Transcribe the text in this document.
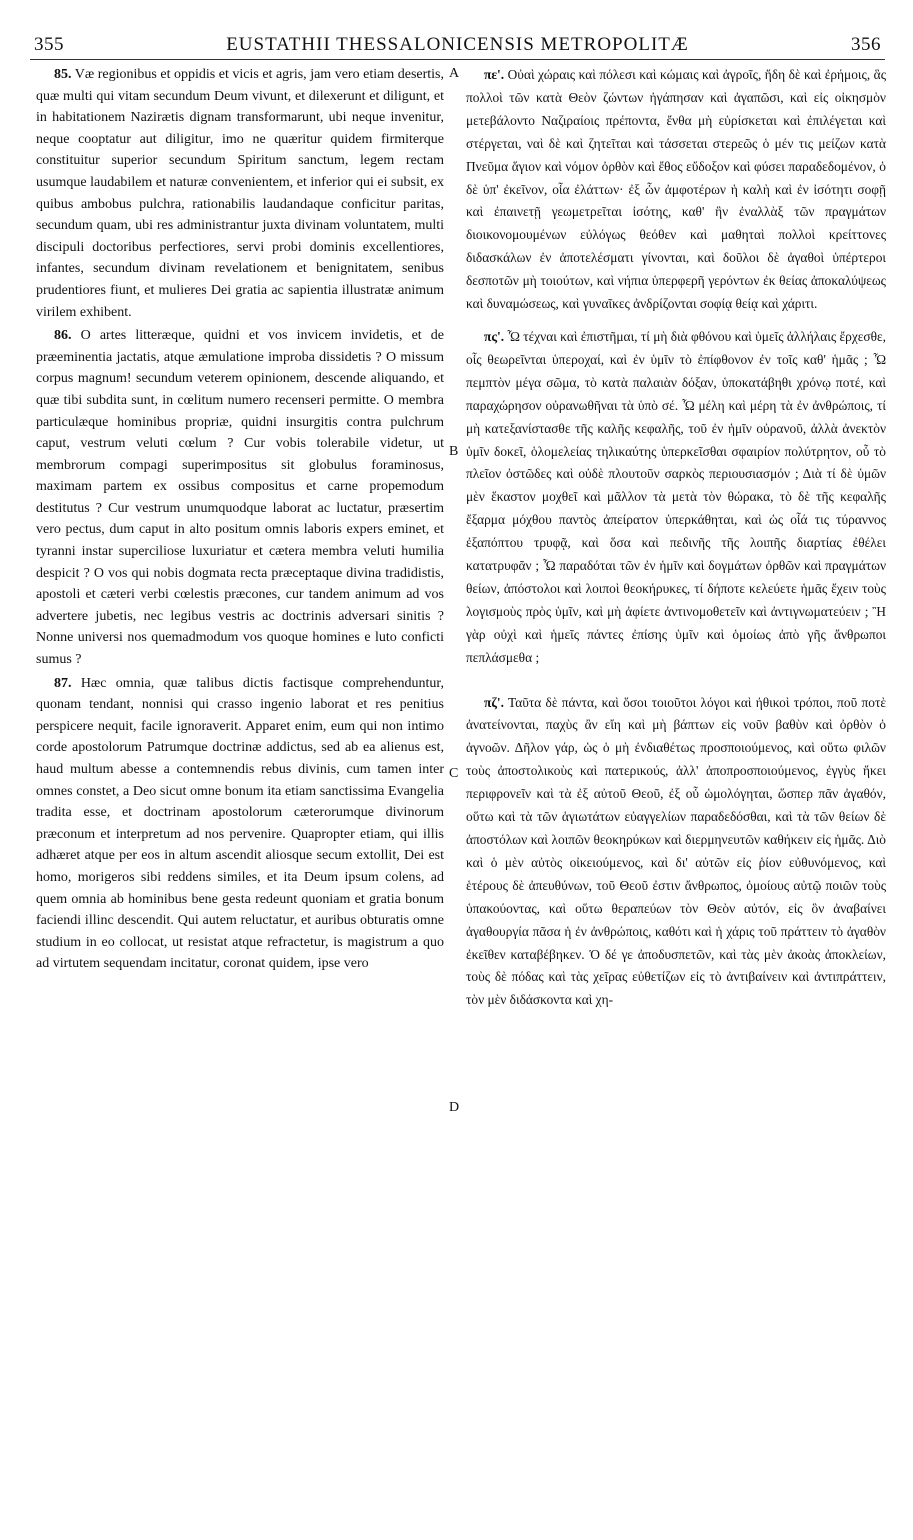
355	EUSTATHII THESSALONICENSIS METROPOLITÆ	356

85. Væ regionibus et oppidis et vicis et agris, jam vero etiam desertis, quæ multi qui vitam secundum Deum vivunt, et dilexerunt et diligunt, et in habitationem Nazirætis dignam transformarunt, ubi neque invenitur, neque cooptatur aut diligitur, imo ne quæritur quidem firmiterque constituitur superior secundum Spiritum sanctum, legem rectam usumque laudabilem et naturæ convenientem, et inferior qui ei subsit, ex quibus ambobus pulchra, rationabilis laudandaque conficitur paritas, secundum quam, ubi res administrantur juxta divinam voluntatem, multi discipuli doctoribus perfectiores, servi probi dominis excellentiores, infantes, secundum divinam revelationem et benignitatem, senibus prudentiores fiunt, et mulieres Dei gratia ac sapientia illustratæ animum virilem exhibent.

86. O artes litteræque, quidni et vos invicem invidetis, et de præeminentia jactatis, atque æmulatione improba dissidetis ? O missum corpus magnum! secundum veterem opinionem, descende aliquando, et quæ tibi subdita sunt, in cœlitum numero recenseri permitte. O membra particulæque hominibus propriæ, quidni insurgitis contra pulchrum caput, vestrum veluti cœlum ? Cur vobis tolerabile videtur, ut membrorum compagi superimpositus sit globulus foraminosus, maximam partem ex ossibus compositus et carne propemodum destitutus ? Cur vestrum unumquodque laborat ac luctatur, præsertim vero pectus, dum caput in alto positum omnis laboris expers eminet, et tyranni instar superciliose luxuriatur et cætera membra veluti humilia despicit ? O vos qui nobis dogmata recta præceptaque divina tradidistis, apostoli et cæteri verbi cœlestis præcones, cur tandem animum ad vos advertere jubetis, nec legibus vestris ac doctrinis adversari sinitis ? Nonne universi nos quemadmodum vos quoque homines e luto conficti sumus ?

87. Hæc omnia, quæ talibus dictis factisque comprehenduntur, quonam tendant, nonnisi qui crasso ingenio laborat et res penitius perspicere nequit, facile ignoraverit. Apparet enim, eum qui non intimo corde apostolorum Patrumque doctrinæ addictus, sed ab ea alienus est, haud multum abesse a contemnendis rebus divinis, cum tamen inter omnes constet, a Deo sicut omne bonum ita etiam sanctissima Evangelia tradita esse, et doctrinam apostolorum cæterorumque divinorum præconum et interpretum ad nos pervenire. Quapropter etiam, qui illis adhæret atque per eos in altum ascendit aliosque secum extollit, Dei est homo, morigeros sibi reddens similes, et ita Deum ipsum colens, ad quem omnia ab hominibus bene gesta redeunt quoniam et gratia bonum faciendi illinc descendit. Qui autem reluctatur, et auribus obturatis omne studium in eo collocat, ut resistat atque refractetur, is magistrum a quo ad virtutem sequendam incitatur, coronat quidem, ipse vero

A
B
C
D

πε'. Οὐαὶ χώραις καὶ πόλεσι καὶ κώμαις καὶ ἀγροῖς, ἤδη δὲ καὶ ἐρήμοις, ἃς πολλοὶ τῶν κατὰ Θεὸν ζώντων ἠγάπησαν καὶ ἀγαπῶσι, καὶ εἰς οἰκησμὸν μετεβάλοντο Ναζιραίοις πρέποντα, ἔνθα μὴ εὑρίσκεται καὶ ἐπιλέγεται καὶ στέργεται, ναὶ δὲ καὶ ζητεῖται καὶ τάσσεται στερεῶς ὁ μέν τις μείζων κατὰ Πνεῦμα ἅγιον καὶ νόμον ὀρθὸν καὶ ἔθος εὔδοξον καὶ φύσει παραδεδομένον, ὁ δὲ ὑπ' ἐκεῖνον, οἷα ἐλάττων· ἐξ ὧν ἀμφοτέρων ἡ καλὴ καὶ ἐν ἰσότητι σοφῇ καὶ ἐπαινετῇ γεωμετρεῖται ἰσότης, καθ' ἣν ἐναλλὰξ τῶν πραγμάτων διοικονομουμένων εὐλόγως θεόθεν καὶ μαθηταὶ πολλοὶ κρείττονες διδασκάλων ἐν ἀποτελέσματι γίνονται, καὶ δοῦλοι δὲ ἀγαθοὶ ὑπέρτεροι δεσποτῶν μὴ τοιούτων, καὶ νήπια ὑπερφερῆ γερόντων ἐκ θείας ἀποκαλύψεως καὶ δυναμώσεως, καὶ γυναῖκες ἀνδρίζονται σοφίᾳ θείᾳ καὶ χάριτι.

πς'. Ὦ τέχναι καὶ ἐπιστῆμαι, τί μὴ διὰ φθόνου καὶ ὑμεῖς ἀλλήλαις ἔρχεσθε, οἷς θεωρεῖνται ὑπεροχαί, καὶ ἐν ὑμῖν τὸ ἐπίφθονον ἐν τοῖς καθ' ἡμᾶς ; Ὦ πεμπτὸν μέγα σῶμα, τὸ κατὰ παλαιὰν δόξαν, ὑποκατάβηθι χρόνῳ ποτέ, καὶ παραχώρησον οὐρανωθῆναι τὰ ὑπὸ σέ. Ὦ μέλη καὶ μέρη τὰ ἐν ἀνθρώποις, τί μὴ κατεξανίστασθε τῆς καλῆς κεφαλῆς, τοῦ ἐν ἡμῖν οὐρανοῦ, ἀλλὰ ἀνεκτὸν ὑμῖν δοκεῖ, ὁλομελείας τηλικαύτης ὑπερκεῖσθαι σφαιρίον πολύτρητον, οὗ τὸ πλεῖον ὀστῶδες καὶ οὐδὲ πλουτοῦν σαρκὸς περιουσιασμόν ; Διὰ τί δὲ ὑμῶν μὲν ἕκαστον μοχθεῖ καὶ μᾶλλον τὰ μετὰ τὸν θώρακα, τὸ δὲ τῆς κεφαλῆς ἔξαρμα μόχθου παντὸς ἀπείρατον ὑπερκάθηται, καὶ ὡς οἷά τις τύραννος ἐξαπόπτου τρυφᾷ, καὶ ὅσα καὶ πεδινῆς τῆς λοιπῆς διαρτίας ἐθέλει κατατρυφᾶν ; Ὦ παραδόται τῶν ἐν ἡμῖν καὶ δογμάτων ὀρθῶν καὶ πραγμάτων θείων, ἀπόστολοι καὶ λοιποὶ θεοκήρυκες, τί δήποτε κελεύετε ἡμᾶς ἔχειν τοὺς λογισμοὺς πρὸς ὑμῖν, καὶ μὴ ἀφίετε ἀντινομοθετεῖν καὶ ἀντιγνωματεύειν ; Ἢ γὰρ οὐχὶ καὶ ἡμεῖς πάντες ἐπίσης ὑμῖν καὶ ὁμοίως ἀπὸ γῆς ἄνθρωποι πεπλάσμεθα ;

πζ'. Ταῦτα δὲ πάντα, καὶ ὅσοι τοιοῦτοι λόγοι καὶ ἠθικοὶ τρόποι, ποῦ ποτὲ ἀνατείνονται, παχὺς ἂν εἴη καὶ μὴ βάπτων εἰς νοῦν βαθὺν καὶ ὀρθὸν ὁ ἀγνοῶν. Δῆλον γάρ, ὡς ὁ μὴ ἐνδιαθέτως προσποιούμενος, καὶ οὕτω φιλῶν τοὺς ἀποστολικοὺς καὶ πατερικούς, ἀλλ' ἀποπροσποιούμενος, ἐγγὺς ἥκει περιφρονεῖν καὶ τὰ ἐξ αὐτοῦ Θεοῦ, ἐξ οὗ ὡμολόγηται, ὥσπερ πᾶν ἀγαθόν, οὕτω καὶ τὰ τῶν ἁγιωτάτων εὐαγγελίων παραδεδόσθαι, καὶ τὰ τῶν θείων δὲ ἀποστόλων καὶ λοιπῶν θεοκηρύκων καὶ διερμηνευτῶν καθήκειν εἰς ἡμᾶς. Διὸ καὶ ὁ μὲν αὐτὸς οἰκειούμενος, καὶ δι' αὐτῶν εἰς ῥίον εὐθυνόμενος, καὶ ἑτέρους δὲ ἀπευθύνων, τοῦ Θεοῦ ἐστιν ἄνθρωπος, ὁμοίους αὐτῷ ποιῶν τοὺς ὑπακούοντας, καὶ οὕτω θεραπεύων τὸν Θεὸν αὐτόν, εἰς ὃν ἀναβαίνει ἀγαθουργία πᾶσα ἡ ἐν ἀνθρώποις, καθότι καὶ ἡ χάρις τοῦ πράττειν τὸ ἀγαθὸν ἐκεῖθεν καταβέβηκεν. Ὁ δέ γε ἀποδυσπετῶν, καὶ τὰς μὲν ἀκοὰς ἀποκλείων, τοὺς δὲ πόδας καὶ τὰς χεῖρας εὐθετίζων εἰς τὸ ἀντιβαίνειν καὶ ἀντιπράττειν, τὸν μὲν διδάσκοντα καὶ χη-
